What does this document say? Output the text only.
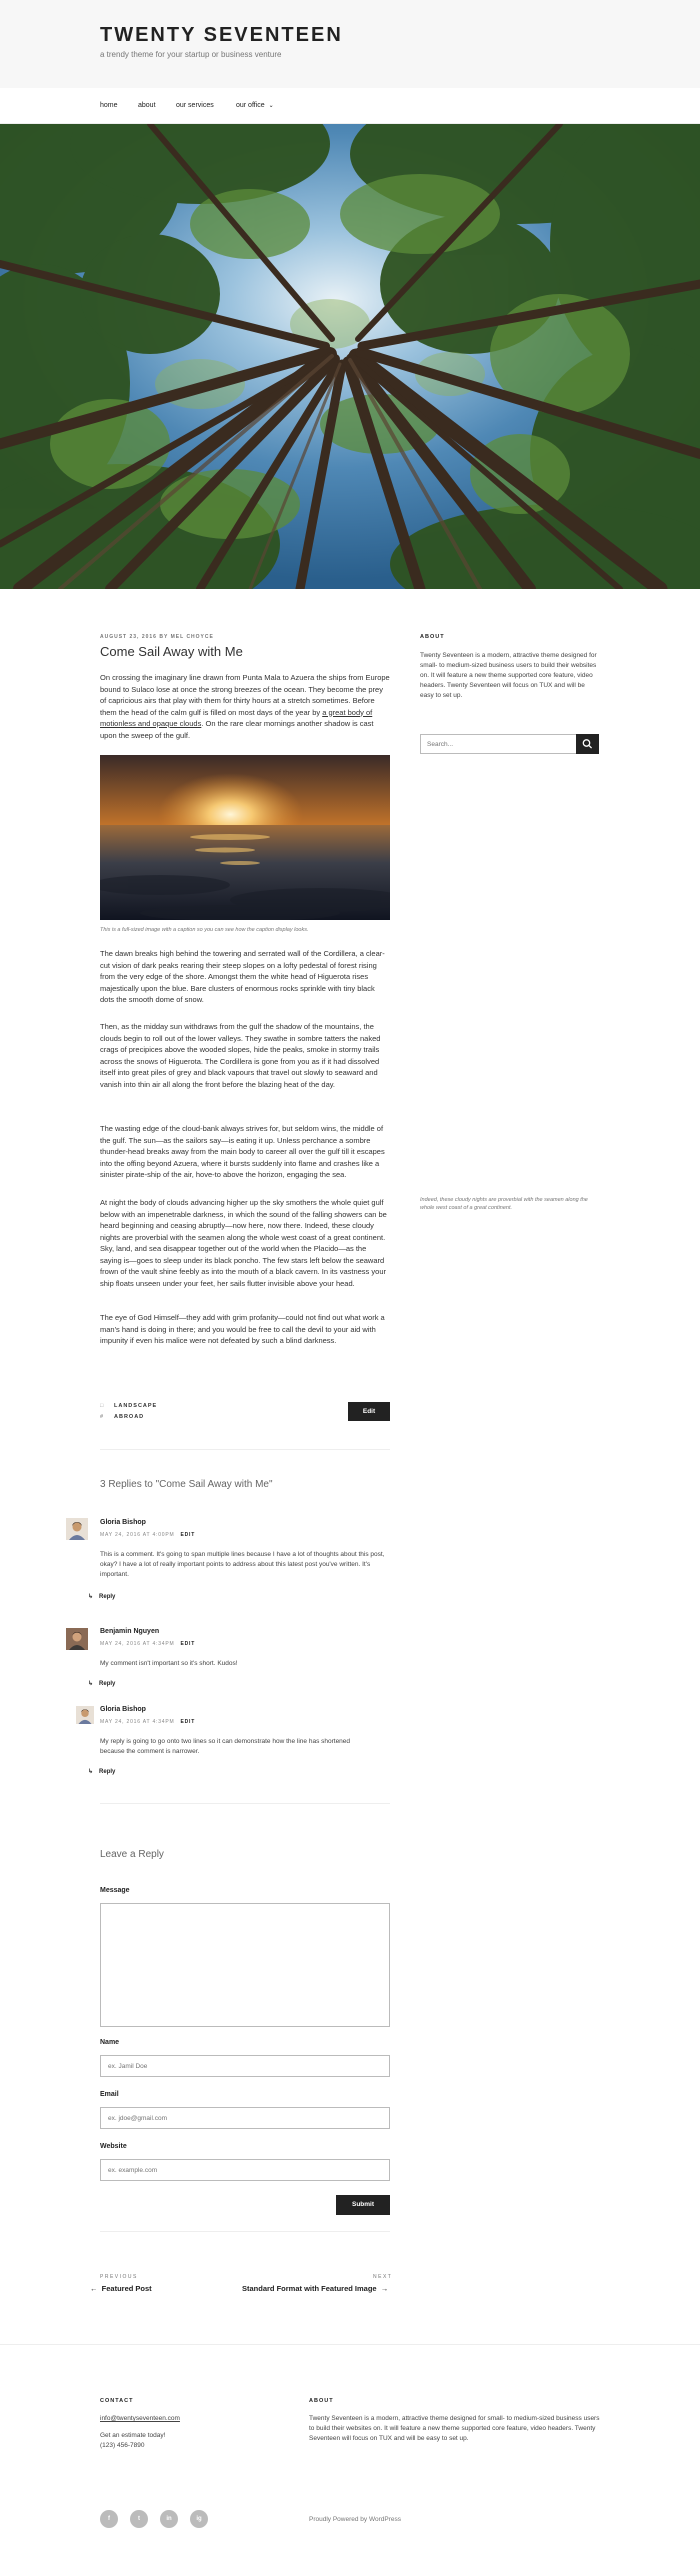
TWENTY SEVENTEEN
a trendy theme for your startup or business venture
home	about	our services	our office ⌄
AUGUST 23, 2016 BY MEL CHOYCE
Come Sail Away with Me
On crossing the imaginary line drawn from Punta Mala to Azuera the ships from Europe bound to Sulaco lose at once the strong breezes of the ocean. They become the prey of capricious airs that play with them for thirty hours at a stretch sometimes. Before them the head of the calm gulf is filled on most days of the year by a great body of motionless and opaque clouds. On the rare clear mornings another shadow is cast upon the sweep of the gulf.
This is a full-sized image with a caption so you can see how the caption display looks.
The dawn breaks high behind the towering and serrated wall of the Cordillera, a clear-cut vision of dark peaks rearing their steep slopes on a lofty pedestal of forest rising from the very edge of the shore. Amongst them the white head of Higuerota rises majestically upon the blue. Bare clusters of enormous rocks sprinkle with tiny black dots the smooth dome of snow.
Then, as the midday sun withdraws from the gulf the shadow of the mountains, the clouds begin to roll out of the lower valleys. They swathe in sombre tatters the naked crags of precipices above the wooded slopes, hide the peaks, smoke in stormy trails across the snows of Higuerota. The Cordillera is gone from you as if it had dissolved itself into great piles of grey and black vapours that travel out slowly to seaward and vanish into thin air all along the front before the blazing heat of the day.
The wasting edge of the cloud-bank always strives for, but seldom wins, the middle of the gulf. The sun—as the sailors say—is eating it up. Unless perchance a sombre thunder-head breaks away from the main body to career all over the gulf till it escapes into the offing beyond Azuera, where it bursts suddenly into flame and crashes like a sinister pirate-ship of the air, hove-to above the horizon, engaging the sea.
At night the body of clouds advancing higher up the sky smothers the whole quiet gulf below with an impenetrable darkness, in which the sound of the falling showers can be heard beginning and ceasing abruptly—now here, now there. Indeed, these cloudy nights are proverbial with the seamen along the whole west coast of a great continent. Sky, land, and sea disappear together out of the world when the Placido—as the saying is—goes to sleep under its black poncho. The few stars left below the seaward frown of the vault shine feebly as into the mouth of a black cavern. In its vastness your ship floats unseen under your feet, her sails flutter invisible above your head.
The eye of God Himself—they add with grim profanity—could not find out what work a man's hand is doing in there; and you would be free to call the devil to your aid with impunity if even his malice were not defeated by such a blind darkness.
□ LANDSCAPE
# ABROAD
Edit
ABOUT
Twenty Seventeen is a modern, attractive theme designed for small- to medium-sized business users to build their websites on. It will feature a new theme supported core feature, video headers. Twenty Seventeen will focus on TUX and will be easy to set up.
Search...
Indeed, these cloudy nights are proverbial with the seamen along the whole west coast of a great continent.
3 Replies to "Come Sail Away with Me"
Gloria Bishop
MAY 24, 2016 AT 4:00PM EDIT
This is a comment. It's going to span multiple lines because I have a lot of thoughts about this post, okay? I have a lot of really important points to address about this latest post you've written. It's important.
↳ Reply
Benjamin Nguyen
MAY 24, 2016 AT 4:34PM EDIT
My comment isn't important so it's short. Kudos!
↳ Reply
Gloria Bishop
MAY 24, 2016 AT 4:34PM EDIT
My reply is going to go onto two lines so it can demonstrate how the line has shortened because the comment is narrower.
↳ Reply
Leave a Reply
Message
Name
ex. Jamil Doe
Email
ex. jdoe@gmail.com
Website
ex. example.com
Submit
PREVIOUS
←  Featured Post
NEXT
Standard Format with Featured Image  →
CONTACT
info@twentyseventeen.com
Get an estimate today!
(123) 456-7890
ABOUT
Twenty Seventeen is a modern, attractive theme designed for small- to medium-sized business users to build their websites on. It will feature a new theme supported core feature, video headers. Twenty Seventeen will focus on TUX and will be easy to set up.
f	t	in	ig	Proudly Powered by WordPress
